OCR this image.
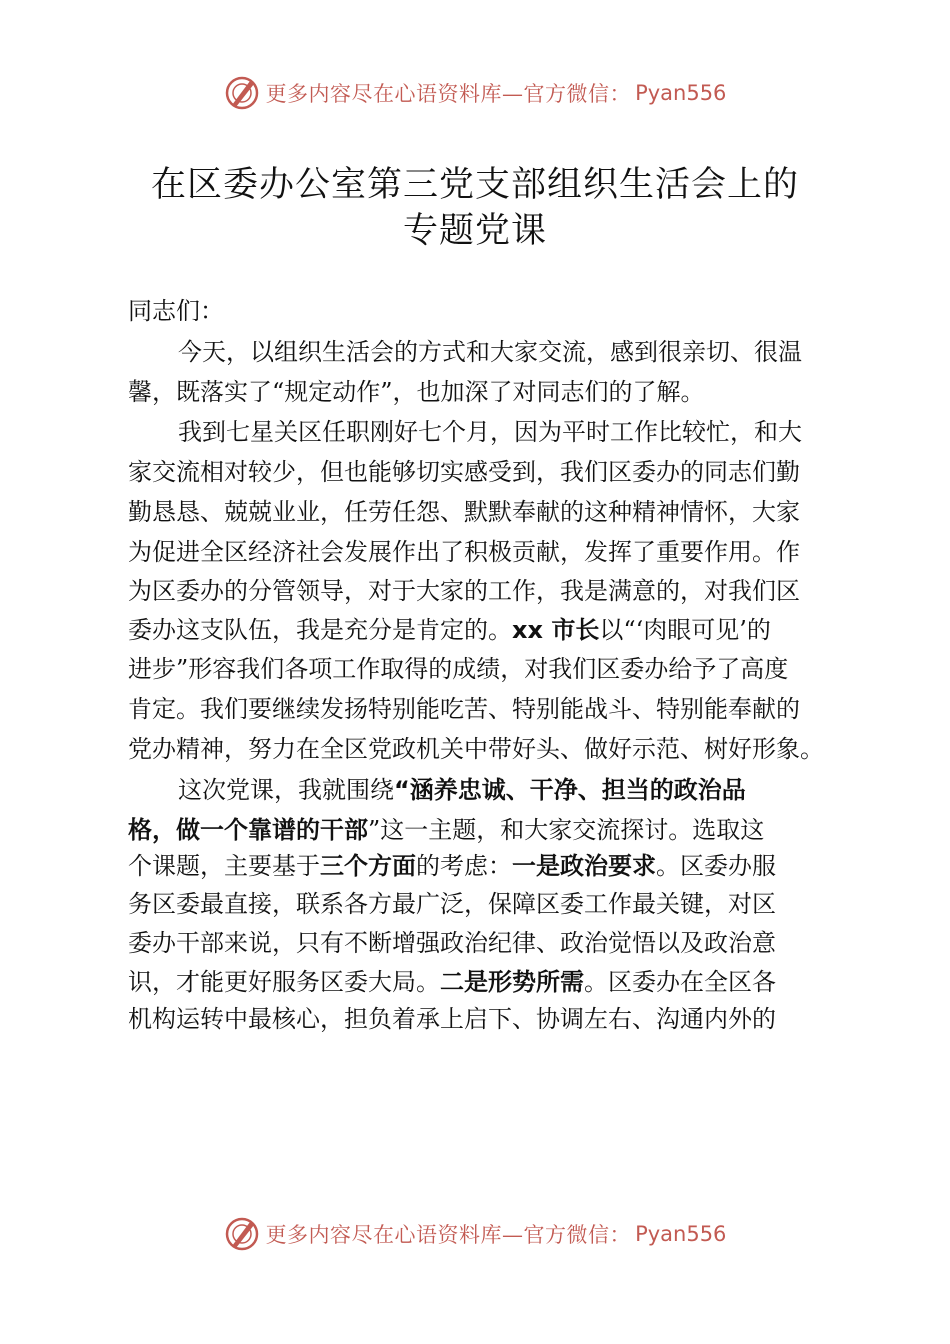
更多内容尽在心语资料库—官方微信： Pyan556
在区委办公室第三党支部组织生活会上的
专题党课
同志们：
今天，以组织生活会的方式和大家交流，感到很亲切、很温
馨，既落实了“规定动作”，也加深了对同志们的了解。
我到七星关区任职刚好七个月，因为平时工作比较忙，和大
家交流相对较少，但也能够切实感受到，我们区委办的同志们勤
勤恳恳、兢兢业业，任劳任怨、默默奉献的这种精神情怀，大家
为促进全区经济社会发展作出了积极贡献，发挥了重要作用。作
为区委办的分管领导，对于大家的工作，我是满意的，对我们区
委办这支队伍，我是充分是肯定的。xx 市长以“‘肉眼可见’的
进步”形容我们各项工作取得的成绩，对我们区委办给予了高度
肯定。我们要继续发扬特别能吃苦、特别能战斗、特别能奉献的
党办精神，努力在全区党政机关中带好头、做好示范、树好形象。
这次党课，我就围绕“涵养忠诚、干净、担当的政治品
格，做一个靠谱的干部”这一主题，和大家交流探讨。选取这
个课题，主要基于三个方面的考虑：一是政治要求。区委办服
务区委最直接，联系各方最广泛，保障区委工作最关键，对区
委办干部来说，只有不断增强政治纪律、政治觉悟以及政治意
识，才能更好服务区委大局。二是形势所需。区委办在全区各
机构运转中最核心，担负着承上启下、协调左右、沟通内外的
更多内容尽在心语资料库—官方微信： Pyan556
